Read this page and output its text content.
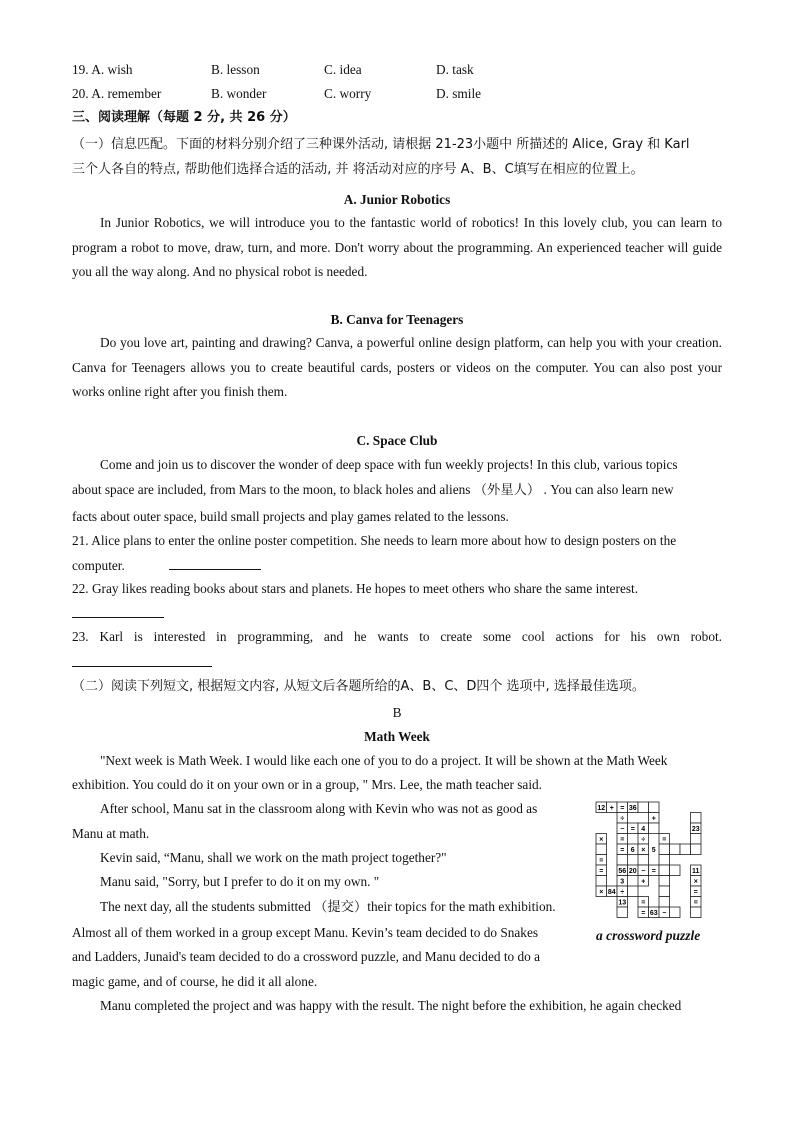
19. A. wish	B. lesson	C. idea	D. task
20. A. remember	B. wonder	C. worry	D. smile
三、阅读理解（每题 2 分, 共 26 分）
（一）信息匹配。下面的材料分别介绍了三种课外活动, 请根据 21-23小题中 所描述的 Alice, Gray 和 Karl
三个人各自的特点, 帮助他们选择合适的活动, 并 将活动对应的序号 A、B、C填写在相应的位置上。
A. Junior Robotics

In Junior Robotics, we will introduce you to the fantastic world of robotics! In this lovely club, you can learn to program a robot to move, draw, turn, and more. Don't worry about the programming. An experienced teacher will guide you all the way along. And no physical robot is needed.

B. Canva for Teenagers

Do you love art, painting and drawing? Canva, a powerful online design platform, can help you with your creation. Canva for Teenagers allows you to create beautiful cards, posters or videos on the computer. You can also post your works online right after you finish them.

C. Space Club
Come and join us to discover the wonder of deep space with fun weekly projects! In this club, various topics
about space are included, from Mars to the moon, to black holes and aliens （外星人） . You can also learn new
facts about outer space, build small projects and play games related to the lessons.
21. Alice plans to enter the online poster competition. She needs to learn more about how to design posters on the
computer.
22. Gray likes reading books about stars and planets. He hopes to meet others who share the same interest.
23. Karl is interested in programming, and he wants to create some cool actions for his own robot.
（二）阅读下列短文, 根据短文内容, 从短文后各题所给的A、B、C、D四个 选项中, 选择最佳选项。
B
Math Week
"Next week is Math Week. I would like each one of you to do a project. It will be shown at the Math Week
exhibition. You could do it on your own or in a group, " Mrs. Lee, the math teacher said.
After school, Manu sat in the classroom along with Kevin who was not as good as
Manu at math.
Kevin said, “Manu, shall we work on the math project together?"
Manu said, "Sorry, but I prefer to do it on my own. "
The next day, all the students submitted （提交）their topics for the math exhibition.
Almost all of them worked in a group except Manu. Kevin’s team decided to do Snakes
and Ladders, Junaid's team decided to do a crossword puzzle, and Manu decided to do a
magic game, and of course, he did it all alone.
Manu completed the project and was happy with the result. The night before the exhibition, he again checked
12 + = 36
÷	+
− = 4	23
× = ÷
= 6 × 5
=
=
= 56 20 − =	11
3 +	×
× 84 ÷	=
13 =
= 63 −
=
a crossword puzzle
